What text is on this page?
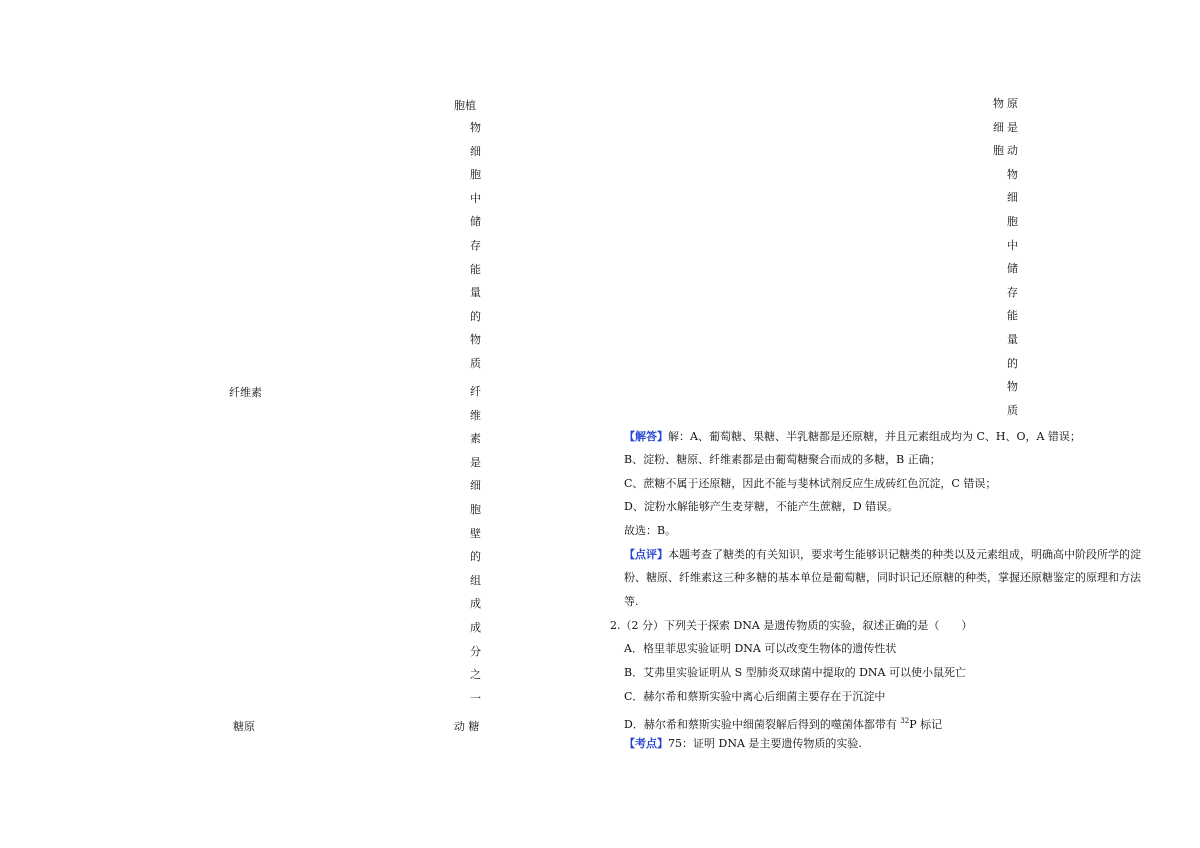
胞植
物
细
胞
中
储
存
能
量
的
物
质
纤维素	纤
维
素
是
细
胞
壁
的
组
成
成
分
之
一
糖原	动 糖
物
细
胞
原
是
动
物
细
胞
中
储
存
能
量
的
物
质
【解答】解：A、葡萄糖、果糖、半乳糖都是还原糖，并且元素组成均为 C、H、O，A 错误；
B、淀粉、糖原、纤维素都是由葡萄糖聚合而成的多糖，B 正确；
C、蔗糖不属于还原糖，因此不能与斐林试剂反应生成砖红色沉淀，C 错误；
D、淀粉水解能够产生麦芽糖，不能产生蔗糖，D 错误。
故选：B。
【点评】本题考查了糖类的有关知识，要求考生能够识记糖类的种类以及元素组成，明确高中阶段所学的淀
粉、糖原、纤维素这三种多糖的基本单位是葡萄糖，同时识记还原糖的种类，掌握还原糖鉴定的原理和方法
等.
2.（2 分）下列关于探索 DNA 是遗传物质的实验，叙述正确的是（　　）
A．格里菲思实验证明 DNA 可以改变生物体的遗传性状
B．艾弗里实验证明从 S 型肺炎双球菌中提取的 DNA 可以使小鼠死亡
C．赫尔希和蔡斯实验中离心后细菌主要存在于沉淀中
D．赫尔希和蔡斯实验中细菌裂解后得到的噬菌体都带有 $^{32}$P 标记
【考点】75：证明 DNA 是主要遗传物质的实验.
